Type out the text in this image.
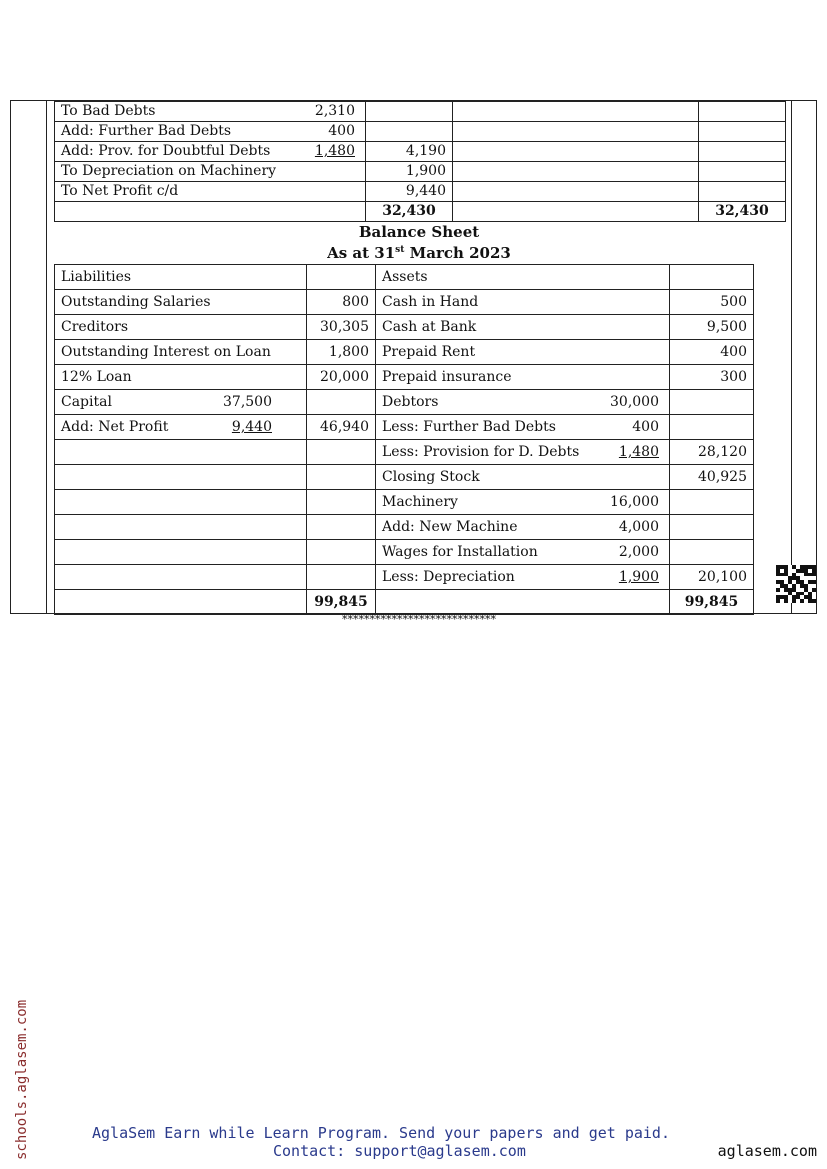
To Bad Debts 2,310			

Add: Further Bad Debts 400			

Add: Prov. for Doubtful Debts 1,480	4,190		

To Depreciation on Machinery	1,900		

To Net Profit c/d	9,440		
	32,430		32,430
Balance Sheet
As at 31st March 2023
Liabilities		Assets	

Outstanding Salaries	800	Cash in Hand	500

Creditors	30,305	Cash at Bank	9,500

Outstanding Interest on Loan	1,800	Prepaid Rent	400

12% Loan	20,000	Prepaid insurance	300

Capital 37,500		Debtors 30,000	

Add: Net Profit 9,440	46,940	Less: Further Bad Debts 400	

		Less: Provision for D. Debts 1,480	28,120

		Closing Stock	40,925

		Machinery 16,000	

		Add: New Machine 4,000	

		Wages for Installation 2,000	

		Less: Depreciation 1,900	20,100
	99,845		99,845
****************************
schools.aglasem.com	AglaSem Earn while Learn Program. Send your papers and get paid.
Contact: support@aglasem.com	aglasem.com
